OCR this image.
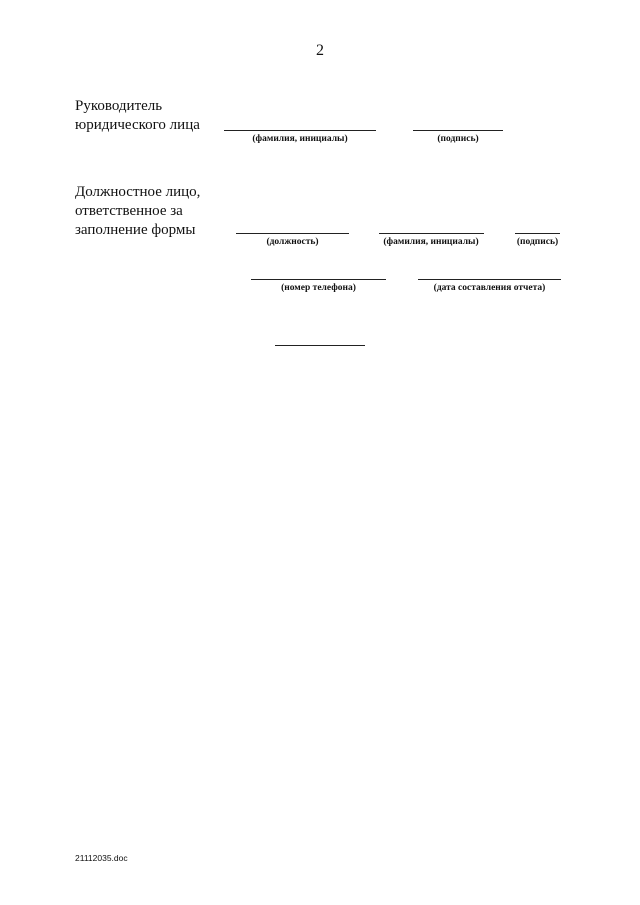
2
Руководитель
юридического лица
(фамилия, инициалы)	(подпись)
Должностное лицо,
ответственное за
заполнение формы
(должность)	(фамилия, инициалы)	(подпись)
(номер телефона)	(дата составления отчета)
21112035.doc
